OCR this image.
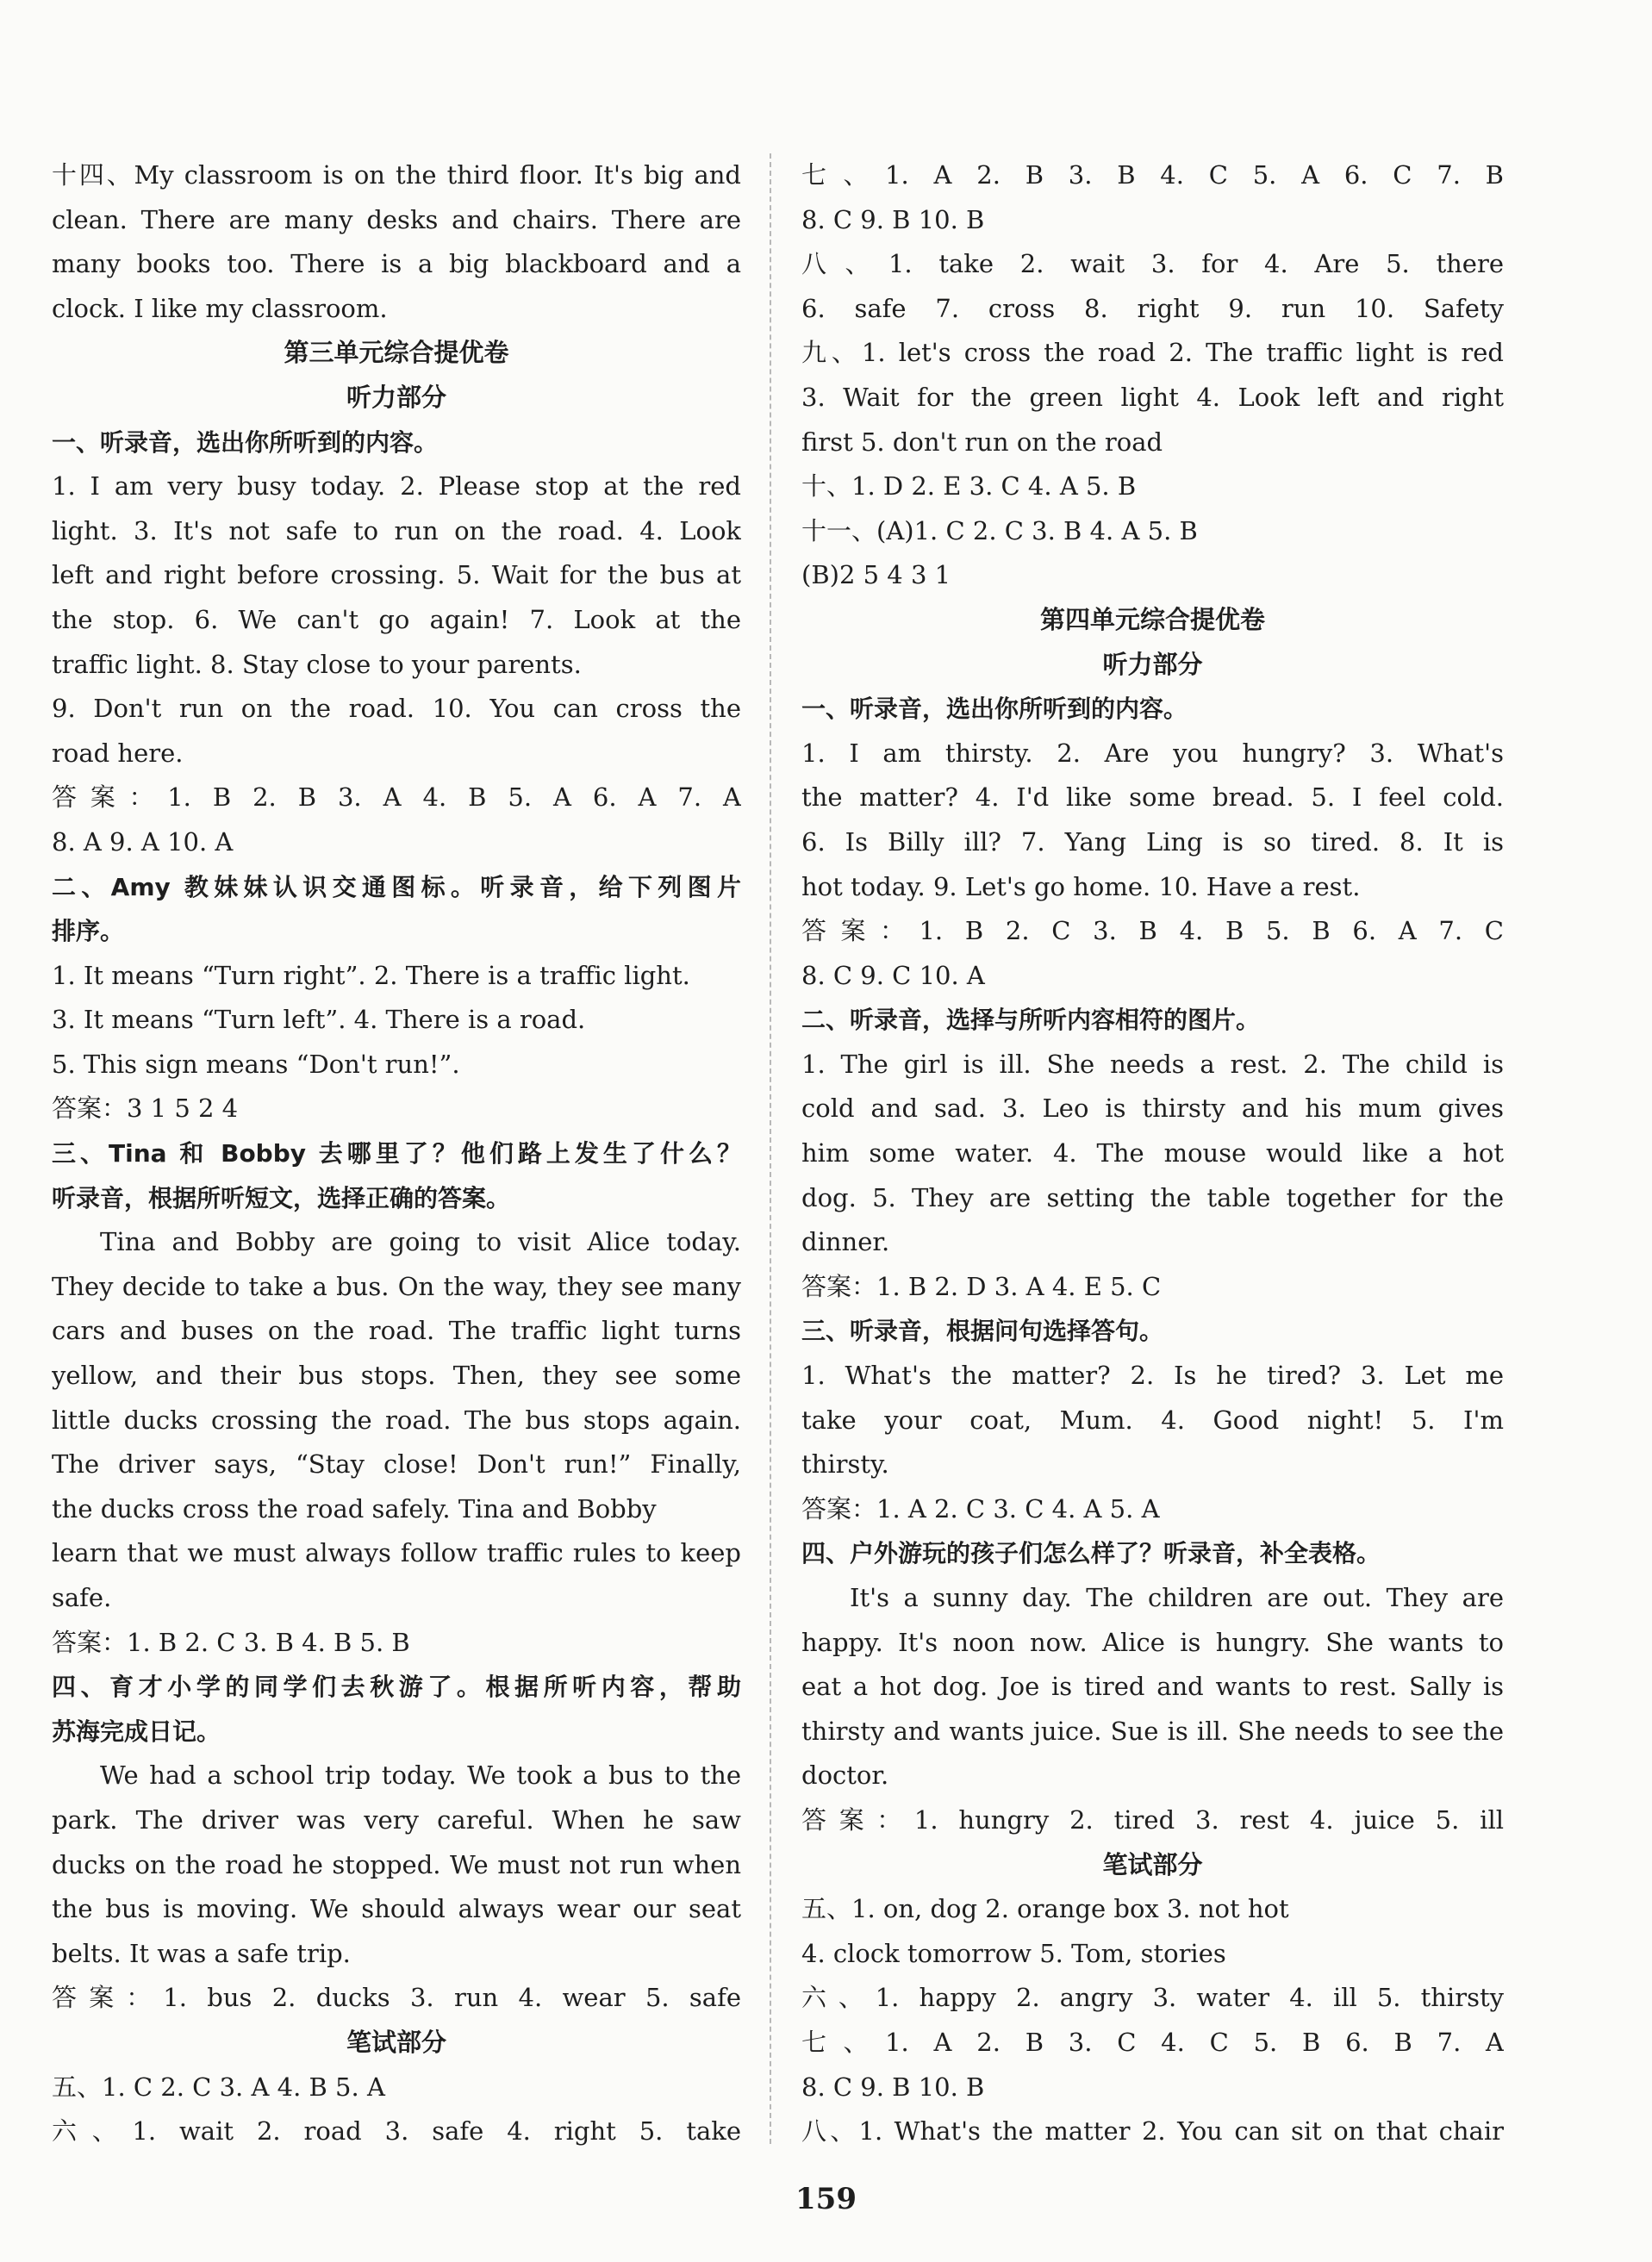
十四、My classroom is on the third floor. It's big and
clean. There are many desks and chairs. There are
many books too. There is a big blackboard and a
clock. I like my classroom.
第三单元综合提优卷
听力部分
一、听录音，选出你所听到的内容。
1. I am very busy today. 2. Please stop at the red
light. 3. It's not safe to run on the road. 4. Look
left and right before crossing. 5. Wait for the bus at
the stop. 6. We can't go again! 7. Look at the
traffic light. 8. Stay close to your parents.
9. Don't run on the road. 10. You can cross the
road here.
答案：1. B 2. B 3. A 4. B 5. A 6. A 7. A
8. A 9. A 10. A
二、Amy 教妹妹认识交通图标。听录音，给下列图片
排序。
1. It means “Turn right”. 2. There is a traffic light.
3. It means “Turn left”. 4. There is a road.
5. This sign means “Don't run!”.
答案：3 1 5 2 4
三、Tina 和 Bobby 去哪里了？他们路上发生了什么？
听录音，根据所听短文，选择正确的答案。
Tina and Bobby are going to visit Alice today.
They decide to take a bus. On the way, they see many
cars and buses on the road. The traffic light turns
yellow, and their bus stops. Then, they see some
little ducks crossing the road. The bus stops again.
The driver says, “Stay close! Don't run!” Finally,
the ducks cross the road safely. Tina and Bobby
learn that we must always follow traffic rules to keep
safe.
答案：1. B 2. C 3. B 4. B 5. B
四、育才小学的同学们去秋游了。根据所听内容，帮助
苏海完成日记。
We had a school trip today. We took a bus to the
park. The driver was very careful. When he saw
ducks on the road he stopped. We must not run when
the bus is moving. We should always wear our seat
belts. It was a safe trip.
答案：1. bus 2. ducks 3. run 4. wear 5. safe
笔试部分
五、1. C 2. C 3. A 4. B 5. A
六、1. wait 2. road 3. safe 4. right 5. take
七、1. A 2. B 3. B 4. C 5. A 6. C 7. B
8. C 9. B 10. B
八、1. take 2. wait 3. for 4. Are 5. there
6. safe 7. cross 8. right 9. run 10. Safety
九、1. let's cross the road 2. The traffic light is red
3. Wait for the green light 4. Look left and right
first 5. don't run on the road
十、1. D 2. E 3. C 4. A 5. B
十一、(A)1. C 2. C 3. B 4. A 5. B
(B)2 5 4 3 1
第四单元综合提优卷
听力部分
一、听录音，选出你所听到的内容。
1. I am thirsty. 2. Are you hungry? 3. What's
the matter? 4. I'd like some bread. 5. I feel cold.
6. Is Billy ill? 7. Yang Ling is so tired. 8. It is
hot today. 9. Let's go home. 10. Have a rest.
答案：1. B 2. C 3. B 4. B 5. B 6. A 7. C
8. C 9. C 10. A
二、听录音，选择与所听内容相符的图片。
1. The girl is ill. She needs a rest. 2. The child is
cold and sad. 3. Leo is thirsty and his mum gives
him some water. 4. The mouse would like a hot
dog. 5. They are setting the table together for the
dinner.
答案：1. B 2. D 3. A 4. E 5. C
三、听录音，根据问句选择答句。
1. What's the matter? 2. Is he tired? 3. Let me
take your coat, Mum. 4. Good night! 5. I'm
thirsty.
答案：1. A 2. C 3. C 4. A 5. A
四、户外游玩的孩子们怎么样了？听录音，补全表格。
It's a sunny day. The children are out. They are
happy. It's noon now. Alice is hungry. She wants to
eat a hot dog. Joe is tired and wants to rest. Sally is
thirsty and wants juice. Sue is ill. She needs to see the
doctor.
答案：1. hungry 2. tired 3. rest 4. juice 5. ill
笔试部分
五、1. on, dog 2. orange box 3. not hot
4. clock tomorrow 5. Tom, stories
六、1. happy 2. angry 3. water 4. ill 5. thirsty
七、1. A 2. B 3. C 4. C 5. B 6. B 7. A
8. C 9. B 10. B
八、1. What's the matter 2. You can sit on that chair
159
